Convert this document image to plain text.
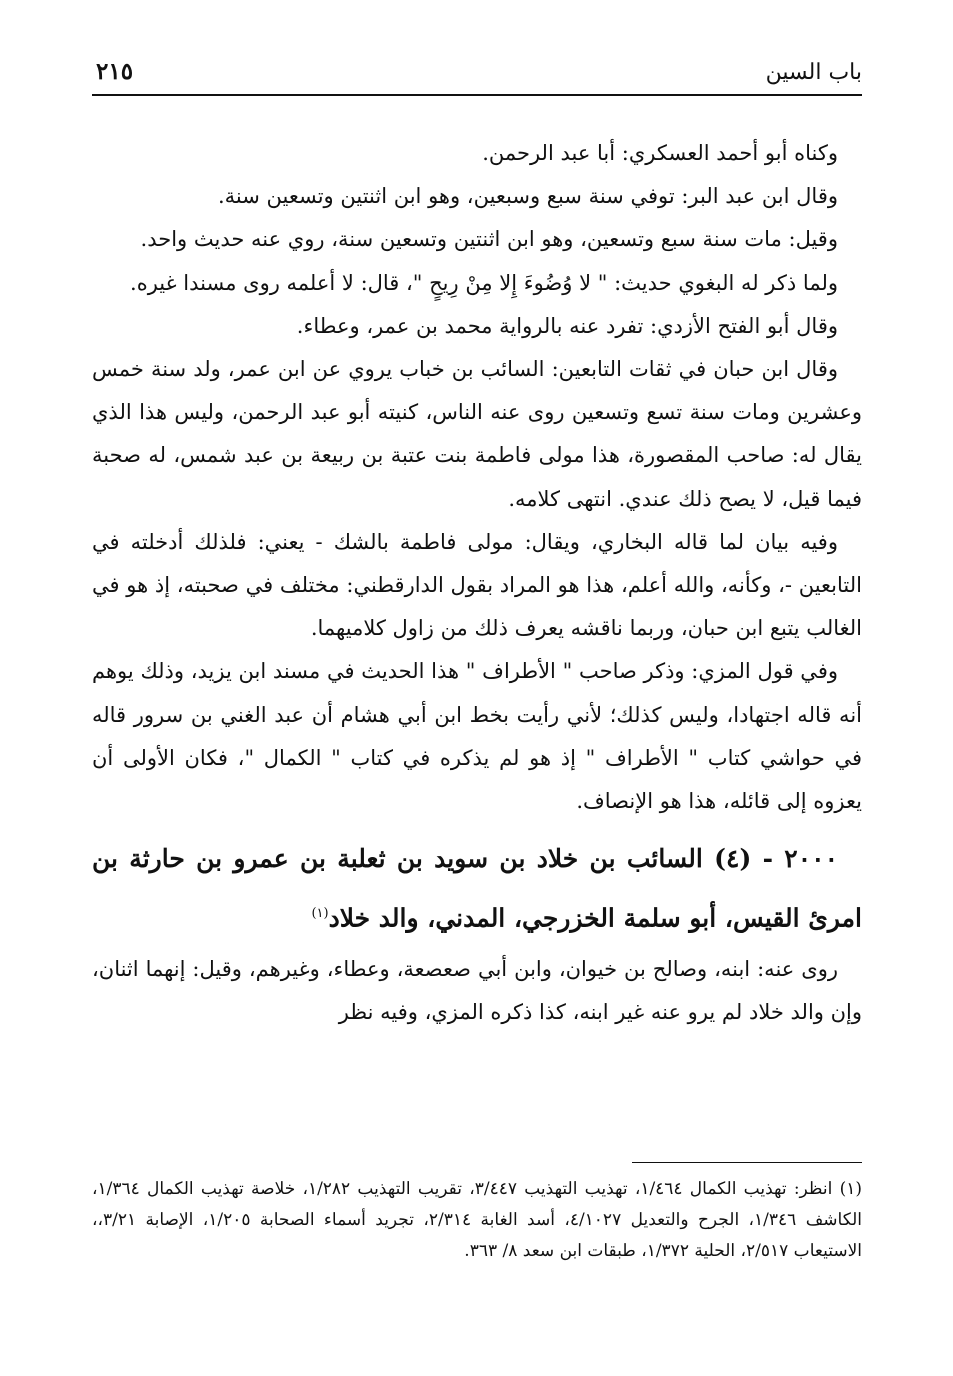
باب السين
٢١٥

وكناه أبو أحمد العسكري: أبا عبد الرحمن.

وقال ابن عبد البر: توفي سنة سبع وسبعين، وهو ابن اثنتين وتسعين سنة.

وقيل: مات سنة سبع وتسعين، وهو ابن اثنتين وتسعين سنة، روي عنه حديث واحد.

ولما ذكر له البغوي حديث: " لا وُضُوءَ إِلا مِنْ رِيحٍ "، قال: لا أعلمه روى مسندا غيره.

وقال أبو الفتح الأزدي: تفرد عنه بالرواية محمد بن عمر، وعطاء.

وقال ابن حبان في ثقات التابعين: السائب بن خباب يروي عن ابن عمر، ولد سنة خمس وعشرين ومات سنة تسع وتسعين روى عنه الناس، كنيته أبو عبد الرحمن، وليس هذا الذي يقال له: صاحب المقصورة، هذا مولى فاطمة بنت عتبة بن ربيعة بن عبد شمس، له صحبة فيما قيل، لا يصح ذلك عندي. انتهى كلامه.

وفيه بيان لما قاله البخاري، ويقال: مولى فاطمة بالشك - يعني: فلذلك أدخلته في التابعين -، وكأنه، والله أعلم، هذا هو المراد بقول الدارقطني: مختلف في صحبته، إذ هو في الغالب يتبع ابن حبان، وربما ناقشه يعرف ذلك من زاول كلاميهما.

وفي قول المزي: وذكر صاحب " الأطراف " هذا الحديث في مسند ابن يزيد، وذلك يوهم أنه قاله اجتهادا، وليس كذلك؛ لأني رأيت بخط ابن أبي هشام أن عبد الغني بن سرور قاله في حواشي كتاب " الأطراف " إذ هو لم يذكره في كتاب " الكمال "، فكان الأولى أن يعزوه إلى قائله، هذا هو الإنصاف.

٢٠٠٠ - (٤) السائب بن خلاد بن سويد بن ثعلبة بن عمرو بن حارثة بن امرئ القيس، أبو سلمة الخزرجي، المدني، والد خلاد$^{(١)}$

روى عنه: ابنه، وصالح بن خيوان، وابن أبي صعصعة، وعطاء، وغيرهم، وقيل: إنهما اثنان، وإن والد خلاد لم يرو عنه غير ابنه، كذا ذكره المزي، وفيه نظر

(١) انظر: تهذيب الكمال ١/٤٦٤، تهذيب التهذيب ٣/٤٤٧، تقريب التهذيب ١/٢٨٢، خلاصة تهذيب الكمال ١/٣٦٤، الكاشف ١/٣٤٦، الجرح والتعديل ٤/١٠٢٧، أسد الغابة ٢/٣١٤، تجريد أسماء الصحابة ١/٢٠٥، الإصابة ٣/٢١،، الاستيعاب ٢/٥١٧، الحلية ١/٣٧٢، طبقات ابن سعد ٨/ ٣٦٣.
